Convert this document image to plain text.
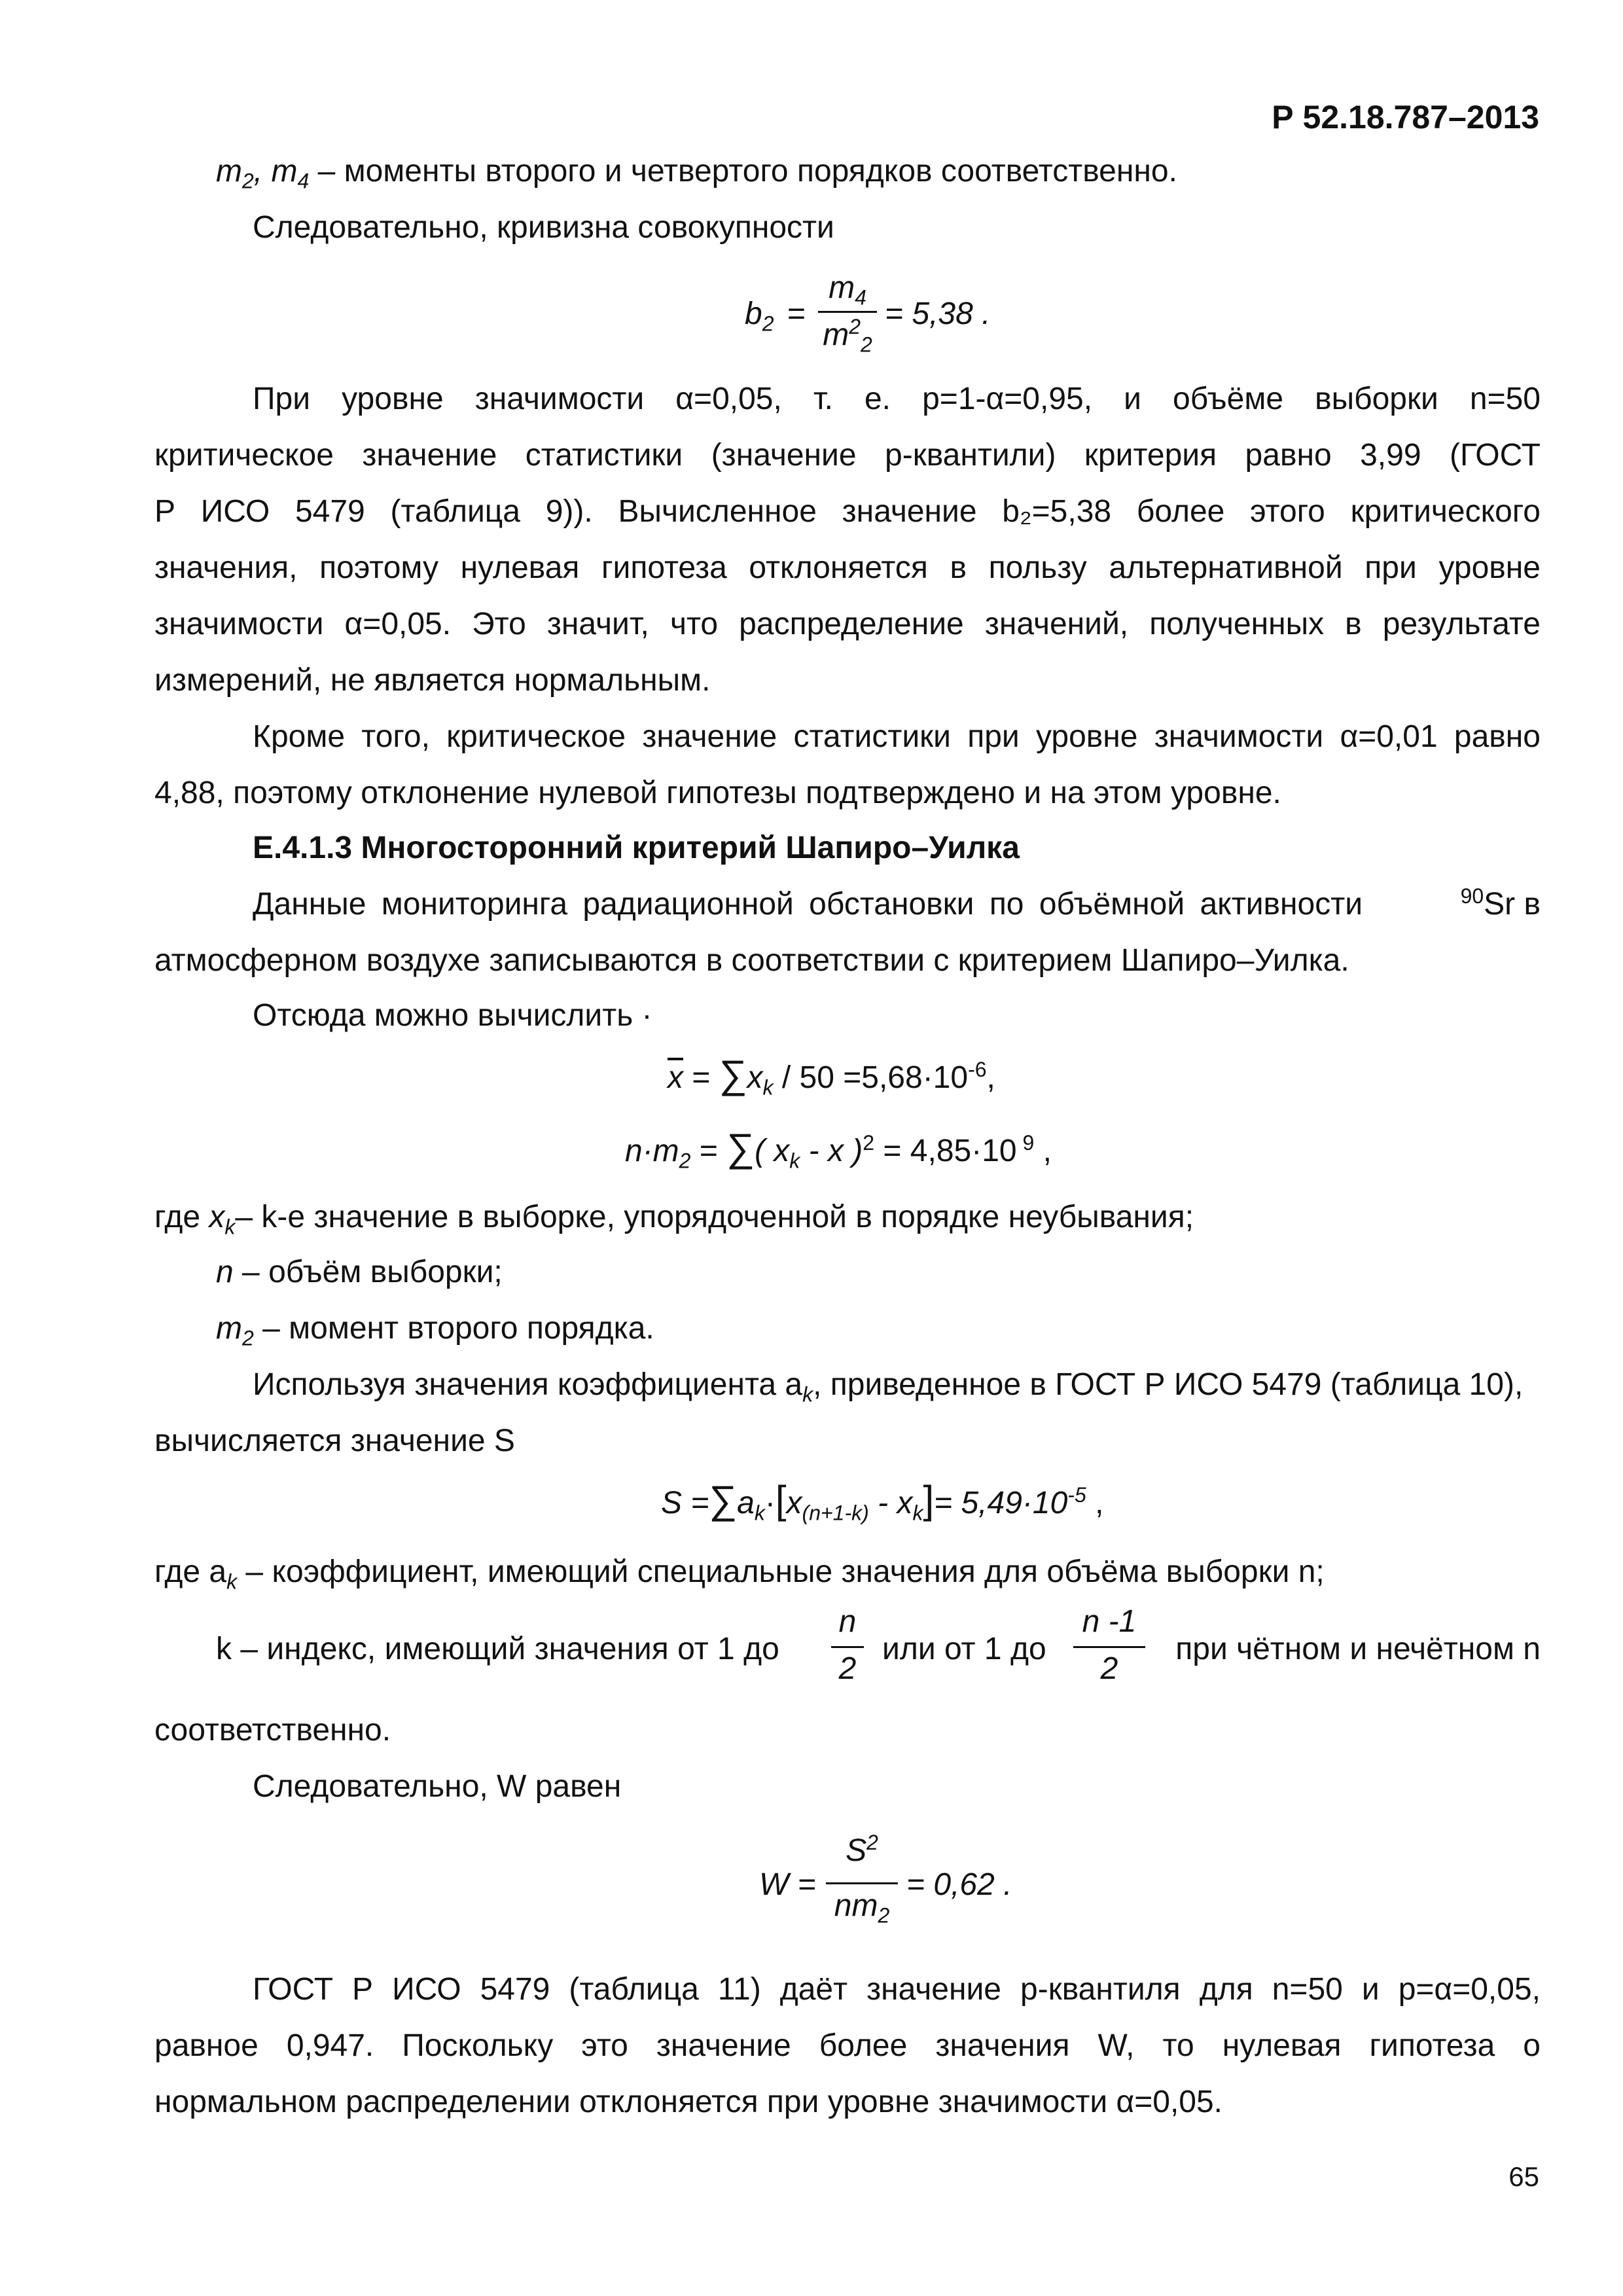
Р 52.18.787–2013
$m_2$, $m_4$ – моменты второго и четвертого порядков соответственно.
Следовательно, кривизна совокупности
$b_2$ =
$m_4$
$m^2_2$
= 5,38 .
При уровне значимости α=0,05, т. е. p=1-α=0,95, и объёме выборки n=50
критическое значение статистики (значение p-квантили) критерия равно 3,99 (ГОСТ
Р ИСО 5479 (таблица 9)). Вычисленное значение b₂=5,38 более этого критического
значения, поэтому нулевая гипотеза отклоняется в пользу альтернативной при уровне
значимости α=0,05. Это значит, что распределение значений, полученных в результате
измерений, не является нормальным.
Кроме того, критическое значение статистики при уровне значимости α=0,01 равно
4,88, поэтому отклонение нулевой гипотезы подтверждено и на этом уровне.
Е.4.1.3 Многосторонний критерий Шапиро–Уилка
Данные мониторинга радиационной обстановки по объёмной активности	$^{90}$Sr в
атмосферном воздухе записываются в соответствии с критерием Шапиро–Уилка.
Отсюда можно вычислить ·
$\overline{x} = \sum x_k / 50 =5,68\cdot 10^{-6}$,
$n\cdot m_2$ = ∑( $x_k$ - x )$^2$ = 4,85·10 $^9$ ,
где $x_k-$ k-е значение в выборке, упорядоченной в порядке неубывания;
n – объём выборки;
$m_2$ – момент второго порядка.
Используя значения коэффициента $a_k$, приведенное в ГОСТ Р ИСО 5479 (таблица 10),
вычисляется значение S
$S =\sum a_k\cdot[x_{(n+1-k)} - x_k]= 5,49\cdot 10^{-5}$ ,
где $a_k$ – коэффициент, имеющий специальные значения для объёма выборки n;
k – индекс, имеющий значения от 1 до
n
2
или от 1 до
n -1
2
при чётном и нечётном n
соответственно.
Следовательно, W равен
W =
$S^2$
$nm_2$
= 0,62 .
ГОСТ Р ИСО 5479 (таблица 11) даёт значение p-квантиля для n=50 и p=α=0,05,
равное 0,947. Поскольку это значение более значения W, то нулевая гипотеза о
нормальном распределении отклоняется при уровне значимости α=0,05.
65
